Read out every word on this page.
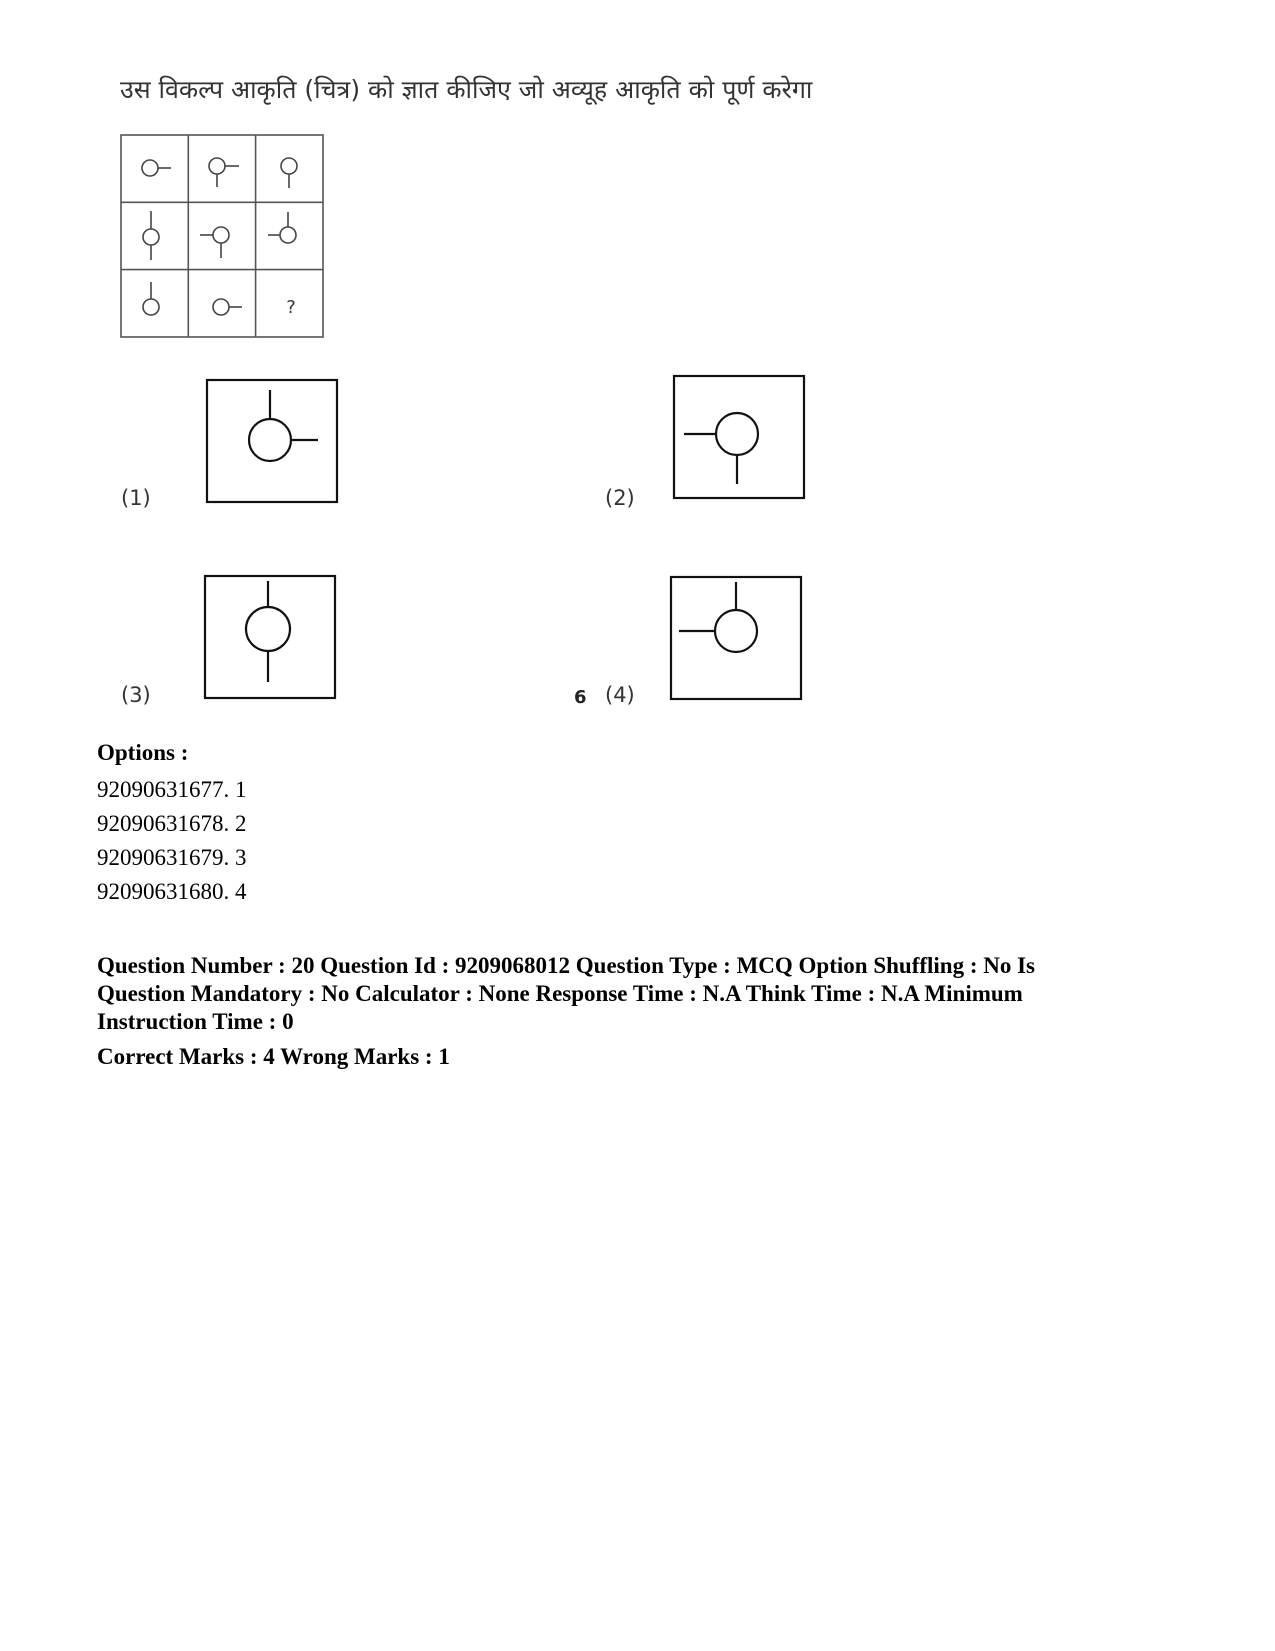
उस विकल्प आकृति (चित्र) को ज्ञात कीजिए जो अव्यूह आकृति को पूर्ण करेगा
?
(1)	(2)
(3)	6 (4)
Options :
92090631677. 1
92090631678. 2
92090631679. 3
92090631680. 4
Question Number : 20 Question Id : 9209068012 Question Type : MCQ Option Shuffling : No Is
Question Mandatory : No Calculator : None Response Time : N.A Think Time : N.A Minimum
Instruction Time : 0
Correct Marks : 4 Wrong Marks : 1
